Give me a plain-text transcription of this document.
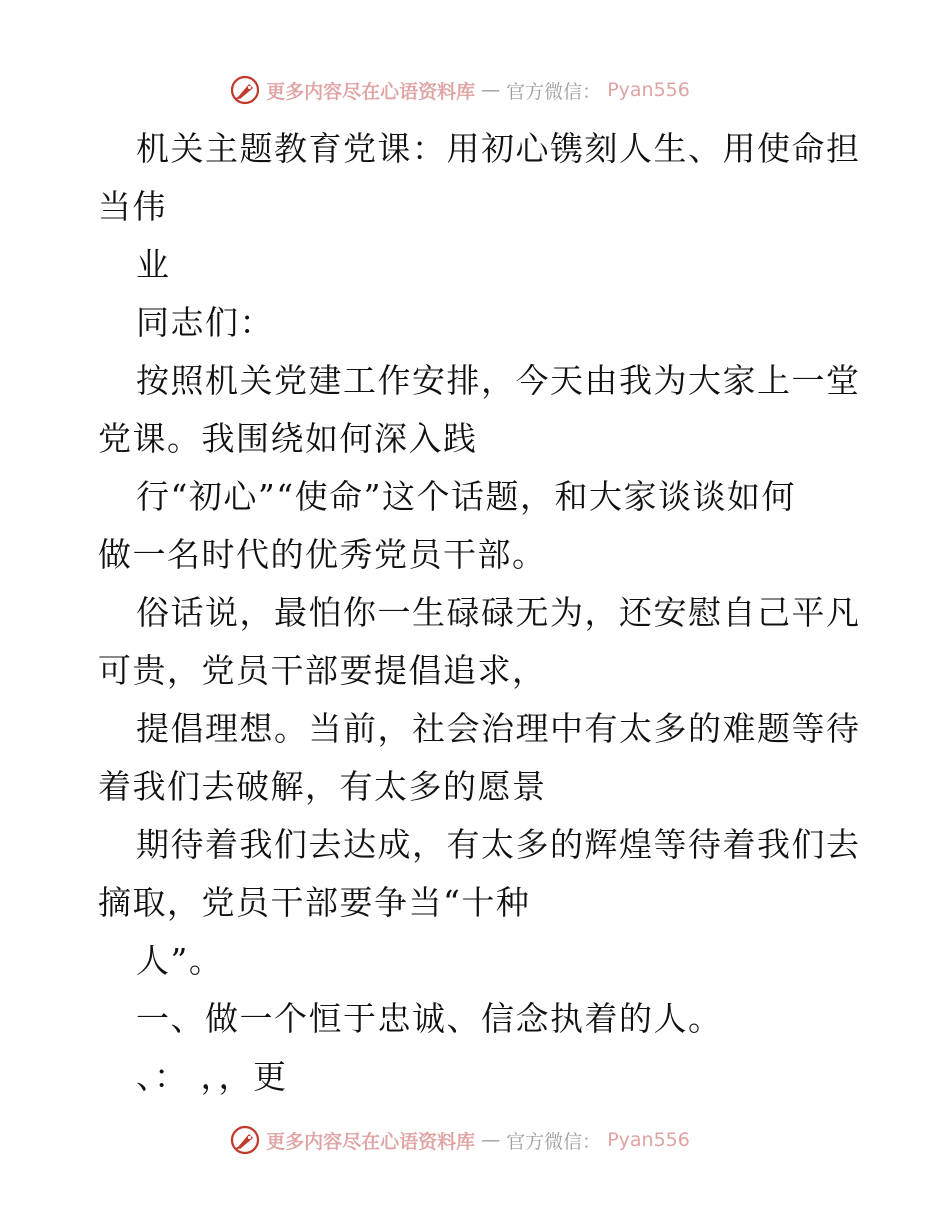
更多内容尽在心语资料库 — 官方微信： Pyan556
机关主题教育党课：用初心镌刻人生、用使命担
当伟
业
同志们：
按照机关党建工作安排，今天由我为大家上一堂
党课。我围绕如何深入践
行“初心”“使命”这个话题，和大家谈谈如何
做一名时代的优秀党员干部。
俗话说，最怕你一生碌碌无为，还安慰自己平凡
可贵，党员干部要提倡追求，
提倡理想。当前，社会治理中有太多的难题等待
着我们去破解，有太多的愿景
期待着我们去达成，有太多的辉煌等待着我们去
摘取，党员干部要争当“十种
人”。
一、做一个恒于忠诚、信念执着的人。
、： ，，更
更多内容尽在心语资料库 — 官方微信： Pyan556
